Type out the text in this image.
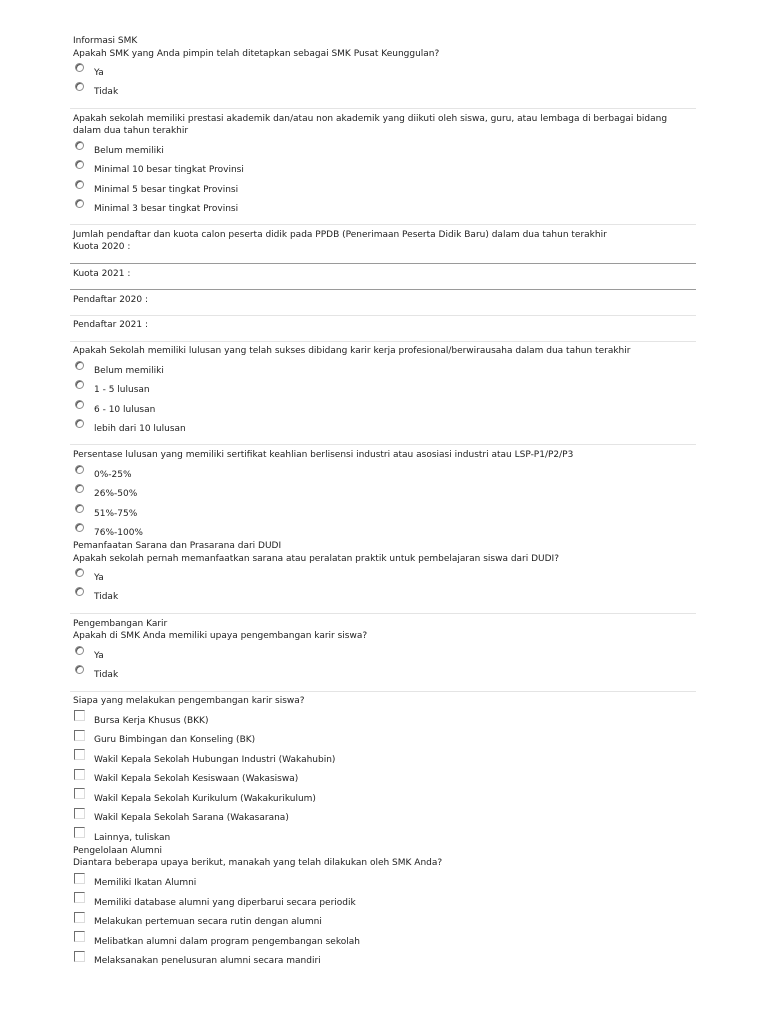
Informasi SMK
Apakah SMK yang Anda pimpin telah ditetapkan sebagai SMK Pusat Keunggulan?
Ya
Tidak
Apakah sekolah memiliki prestasi akademik dan/atau non akademik yang diikuti oleh siswa, guru, atau lembaga di berbagai bidang
dalam dua tahun terakhir
Belum memiliki
Minimal 10 besar tingkat Provinsi
Minimal 5 besar tingkat Provinsi
Minimal 3 besar tingkat Provinsi
Jumlah pendaftar dan kuota calon peserta didik pada PPDB (Penerimaan Peserta Didik Baru) dalam dua tahun terakhir
Kuota 2020 :
Kuota 2021 :
Pendaftar 2020 :
Pendaftar 2021 :
Apakah Sekolah memiliki lulusan yang telah sukses dibidang karir kerja profesional/berwirausaha dalam dua tahun terakhir
Belum memiliki
1 - 5 lulusan
6 - 10 lulusan
lebih dari 10 lulusan
Persentase lulusan yang memiliki sertifikat keahlian berlisensi industri atau asosiasi industri atau LSP-P1/P2/P3
0%-25%
26%-50%
51%-75%
76%-100%
Pemanfaatan Sarana dan Prasarana dari DUDI
Apakah sekolah pernah memanfaatkan sarana atau peralatan praktik untuk pembelajaran siswa dari DUDI?
Ya
Tidak
Pengembangan Karir
Apakah di SMK Anda memiliki upaya pengembangan karir siswa?
Ya
Tidak
Siapa yang melakukan pengembangan karir siswa?
Bursa Kerja Khusus (BKK)
Guru Bimbingan dan Konseling (BK)
Wakil Kepala Sekolah Hubungan Industri (Wakahubin)
Wakil Kepala Sekolah Kesiswaan (Wakasiswa)
Wakil Kepala Sekolah Kurikulum (Wakakurikulum)
Wakil Kepala Sekolah Sarana (Wakasarana)
Lainnya, tuliskan
Pengelolaan Alumni
Diantara beberapa upaya berikut, manakah yang telah dilakukan oleh SMK Anda?
Memiliki Ikatan Alumni
Memiliki database alumni yang diperbarui secara periodik
Melakukan pertemuan secara rutin dengan alumni
Melibatkan alumni dalam program pengembangan sekolah
Melaksanakan penelusuran alumni secara mandiri
